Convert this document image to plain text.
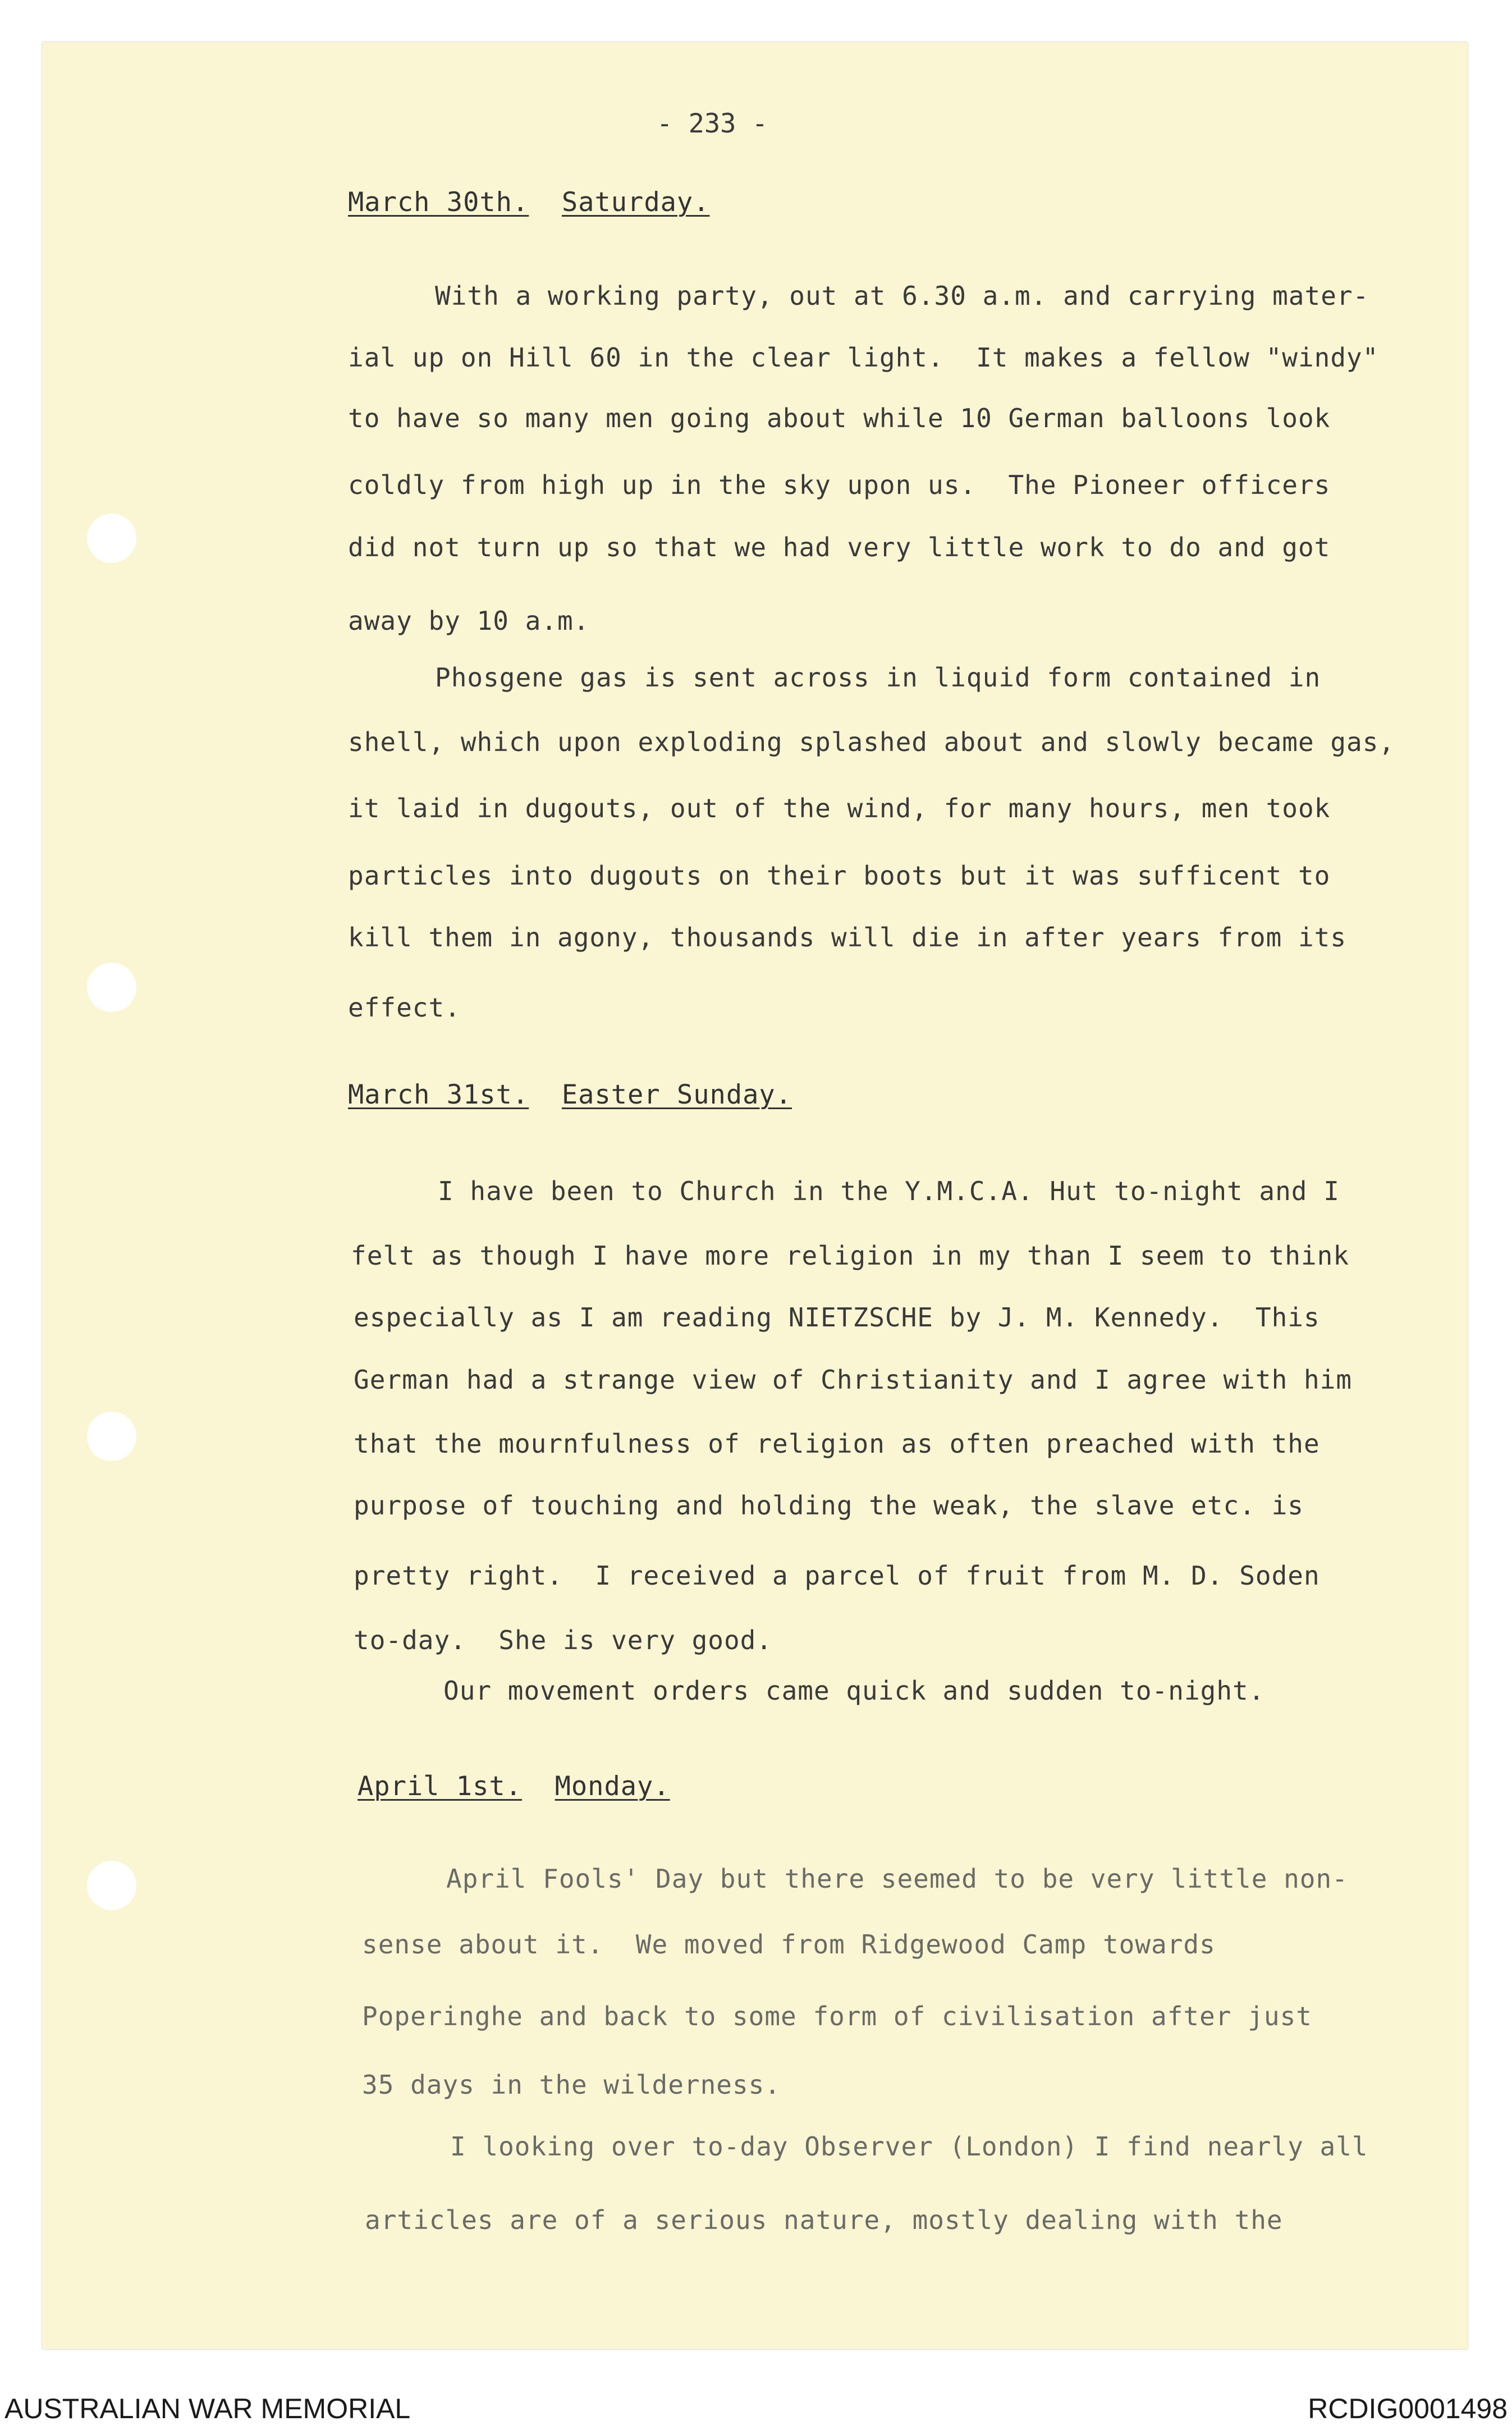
- 233 -
March 30th. Saturday.
With a working party, out at 6.30 a.m. and carrying mater-
ial up on Hill 60 in the clear light.  It makes a fellow "windy"
to have so many men going about while 10 German balloons look
coldly from high up in the sky upon us.  The Pioneer officers
did not turn up so that we had very little work to do and got
away by 10 a.m.
Phosgene gas is sent across in liquid form contained in
shell, which upon exploding splashed about and slowly became gas,
it laid in dugouts, out of the wind, for many hours, men took
particles into dugouts on their boots but it was sufficent to
kill them in agony, thousands will die in after years from its
effect.
March 31st. Easter Sunday.
I have been to Church in the Y.M.C.A. Hut to-night and I
felt as though I have more religion in my than I seem to think
especially as I am reading NIETZSCHE by J. M. Kennedy.  This
German had a strange view of Christianity and I agree with him
that the mournfulness of religion as often preached with the
purpose of touching and holding the weak, the slave etc. is
pretty right.  I received a parcel of fruit from M. D. Soden
to-day.  She is very good.
Our movement orders came quick and sudden to-night.
April 1st. Monday.
April Fools' Day but there seemed to be very little non-
sense about it.  We moved from Ridgewood Camp towards
Poperinghe and back to some form of civilisation after just
35 days in the wilderness.
I looking over to-day Observer (London) I find nearly all
articles are of a serious nature, mostly dealing with the
AUSTRALIAN WAR MEMORIAL	RCDIG0001498
